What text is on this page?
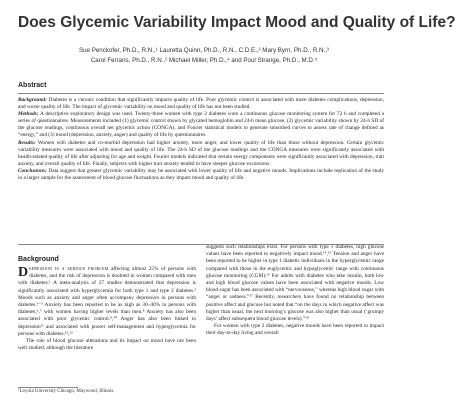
Does Glycemic Variability Impact Mood and Quality of Life?
Sue Penckofer, Ph.D., R.N.,¹ Lauretta Quinn, Ph.D., R.N., C.D.E.,² Mary Byrn, Ph.D., R.N.,³
Carol Ferrans, Ph.D., R.N.,² Michael Miller, Ph.D.,⁴ and Poul Strange, Ph.D., M.D.⁵
Abstract

Background: Diabetes is a chronic condition that significantly impacts quality of life. Poor glycemic control is associated with more diabetes complications, depression, and worse quality of life. The impact of glycemic variability on mood and quality of life has not been studied.

Methods: A descriptive exploratory design was used. Twenty-three women with type 2 diabetes wore a continuous glucose monitoring system for 72 h and completed a series of questionnaires. Measurements included (1) glycemic control shown by glycated hemoglobin and 24-h mean glucose, (2) glycemic variability shown by 24-h SD of the glucose readings, continuous overall net glycemic action (CONGA), and Fourier statistical models to generate smoothed curves to assess rate of change defined as “energy,” and (3) mood (depression, anxiety, anger) and quality of life by questionnaires.

Results: Women with diabetes and co-morbid depression had higher anxiety, more anger, and lower quality of life than those without depression. Certain glycemic variability measures were associated with mood and quality of life. The 24-h SD of the glucose readings and the CONGA measures were significantly associated with health-related quality of life after adjusting for age and weight. Fourier models indicated that certain energy components were significantly associated with depression, trait anxiety, and overall quality of life. Finally, subjects with higher trait anxiety tended to have steeper glucose excursions.

Conclusions: Data suggest that greater glycemic variability may be associated with lower quality of life and negative moods. Implications include replication of the study in a larger sample for the assessment of blood glucose fluctuations as they impact mood and quality of life.

Background

Depression is a serious problem affecting almost 25% of persons with diabetes, and the risk of depression is doubled in women compared with men with diabetes.¹ A meta-analysis of 27 studies demonstrated that depression is significantly associated with hyperglycemia for both type 1 and type 2 diabetes.² Moods such as anxiety and anger often accompany depression in persons with diabetes.³⁻⁵ Anxiety has been reported to be as high as 30–40% in persons with diabetes,⁶,⁷ with women having higher levels than men.⁸ Anxiety has also been associated with poor glycemic control.⁹,¹⁰ Anger has also been linked to depression¹¹ and associated with poorer self-management and hyperglycemia for persons with diabetes.¹²,¹³

The role of blood glucose alterations and its impact on mood have not been well studied, although the literature

suggests such relationships exist. For persons with type 1 diabetes, high glucose values have been reported to negatively impact mood.¹⁴,¹⁵ Tension and anger have been reported to be higher in type 1 diabetic individuals in the hyperglycemic range compared with those in the euglycemic and hypoglycemic range with continuous glucose monitoring (CGM).¹⁶ For adults with diabetes who take insulin, both low and high blood glucose values have been associated with negative moods. Low blood sugar has been associated with “nervousness,” whereas high blood sugar with “anger or sadness.”¹⁷ Recently, researchers have found no relationship between positive affect and glucose but noted that “on the days in which negative affect was higher than usual, the next morning’s glucose was also higher than usual (‘grumpy days’ affect subsequent blood glucose levels).”¹⁸

For women with type 2 diabetes, negative moods have been reported to impact their day-to-day living and overall

¹Loyola University Chicago, Maywood, Illinois.
